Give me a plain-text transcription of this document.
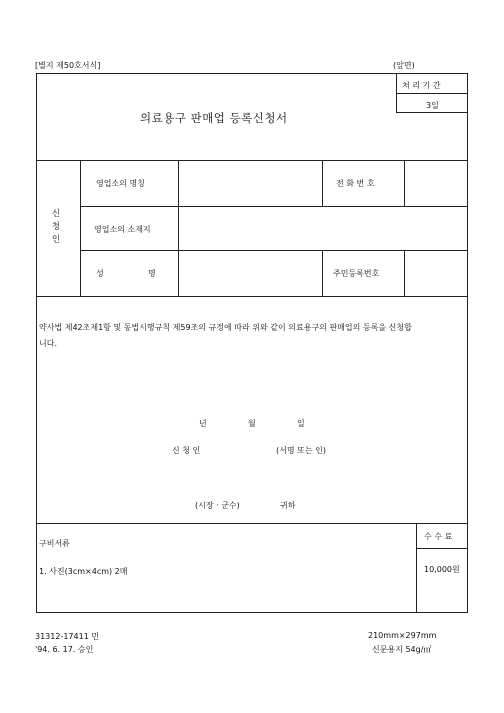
[별지 제50호서식]	(앞면)
의료용구 판매업 등록신청서
처 리 기 간
3일
신
청
인
영업소의 명칭	전 화 번 호
영업소의 소재지
성	명	주민등록번호
약사법 제42조제1항 및 동법시행규칙 제59조의 규정에 따라 위와 같이 의료용구의 판매업의 등록을 신청합
니다.
년	월	일
신 청 인	(서명 또는 인)
(시장 · 군수)	귀하
구비서류
1. 사진(3cm×4cm) 2매
수 수 료
10,000원
31312-17411 민
'94. 6. 17. 승인
210mm×297mm
신문용지 54g/㎡
